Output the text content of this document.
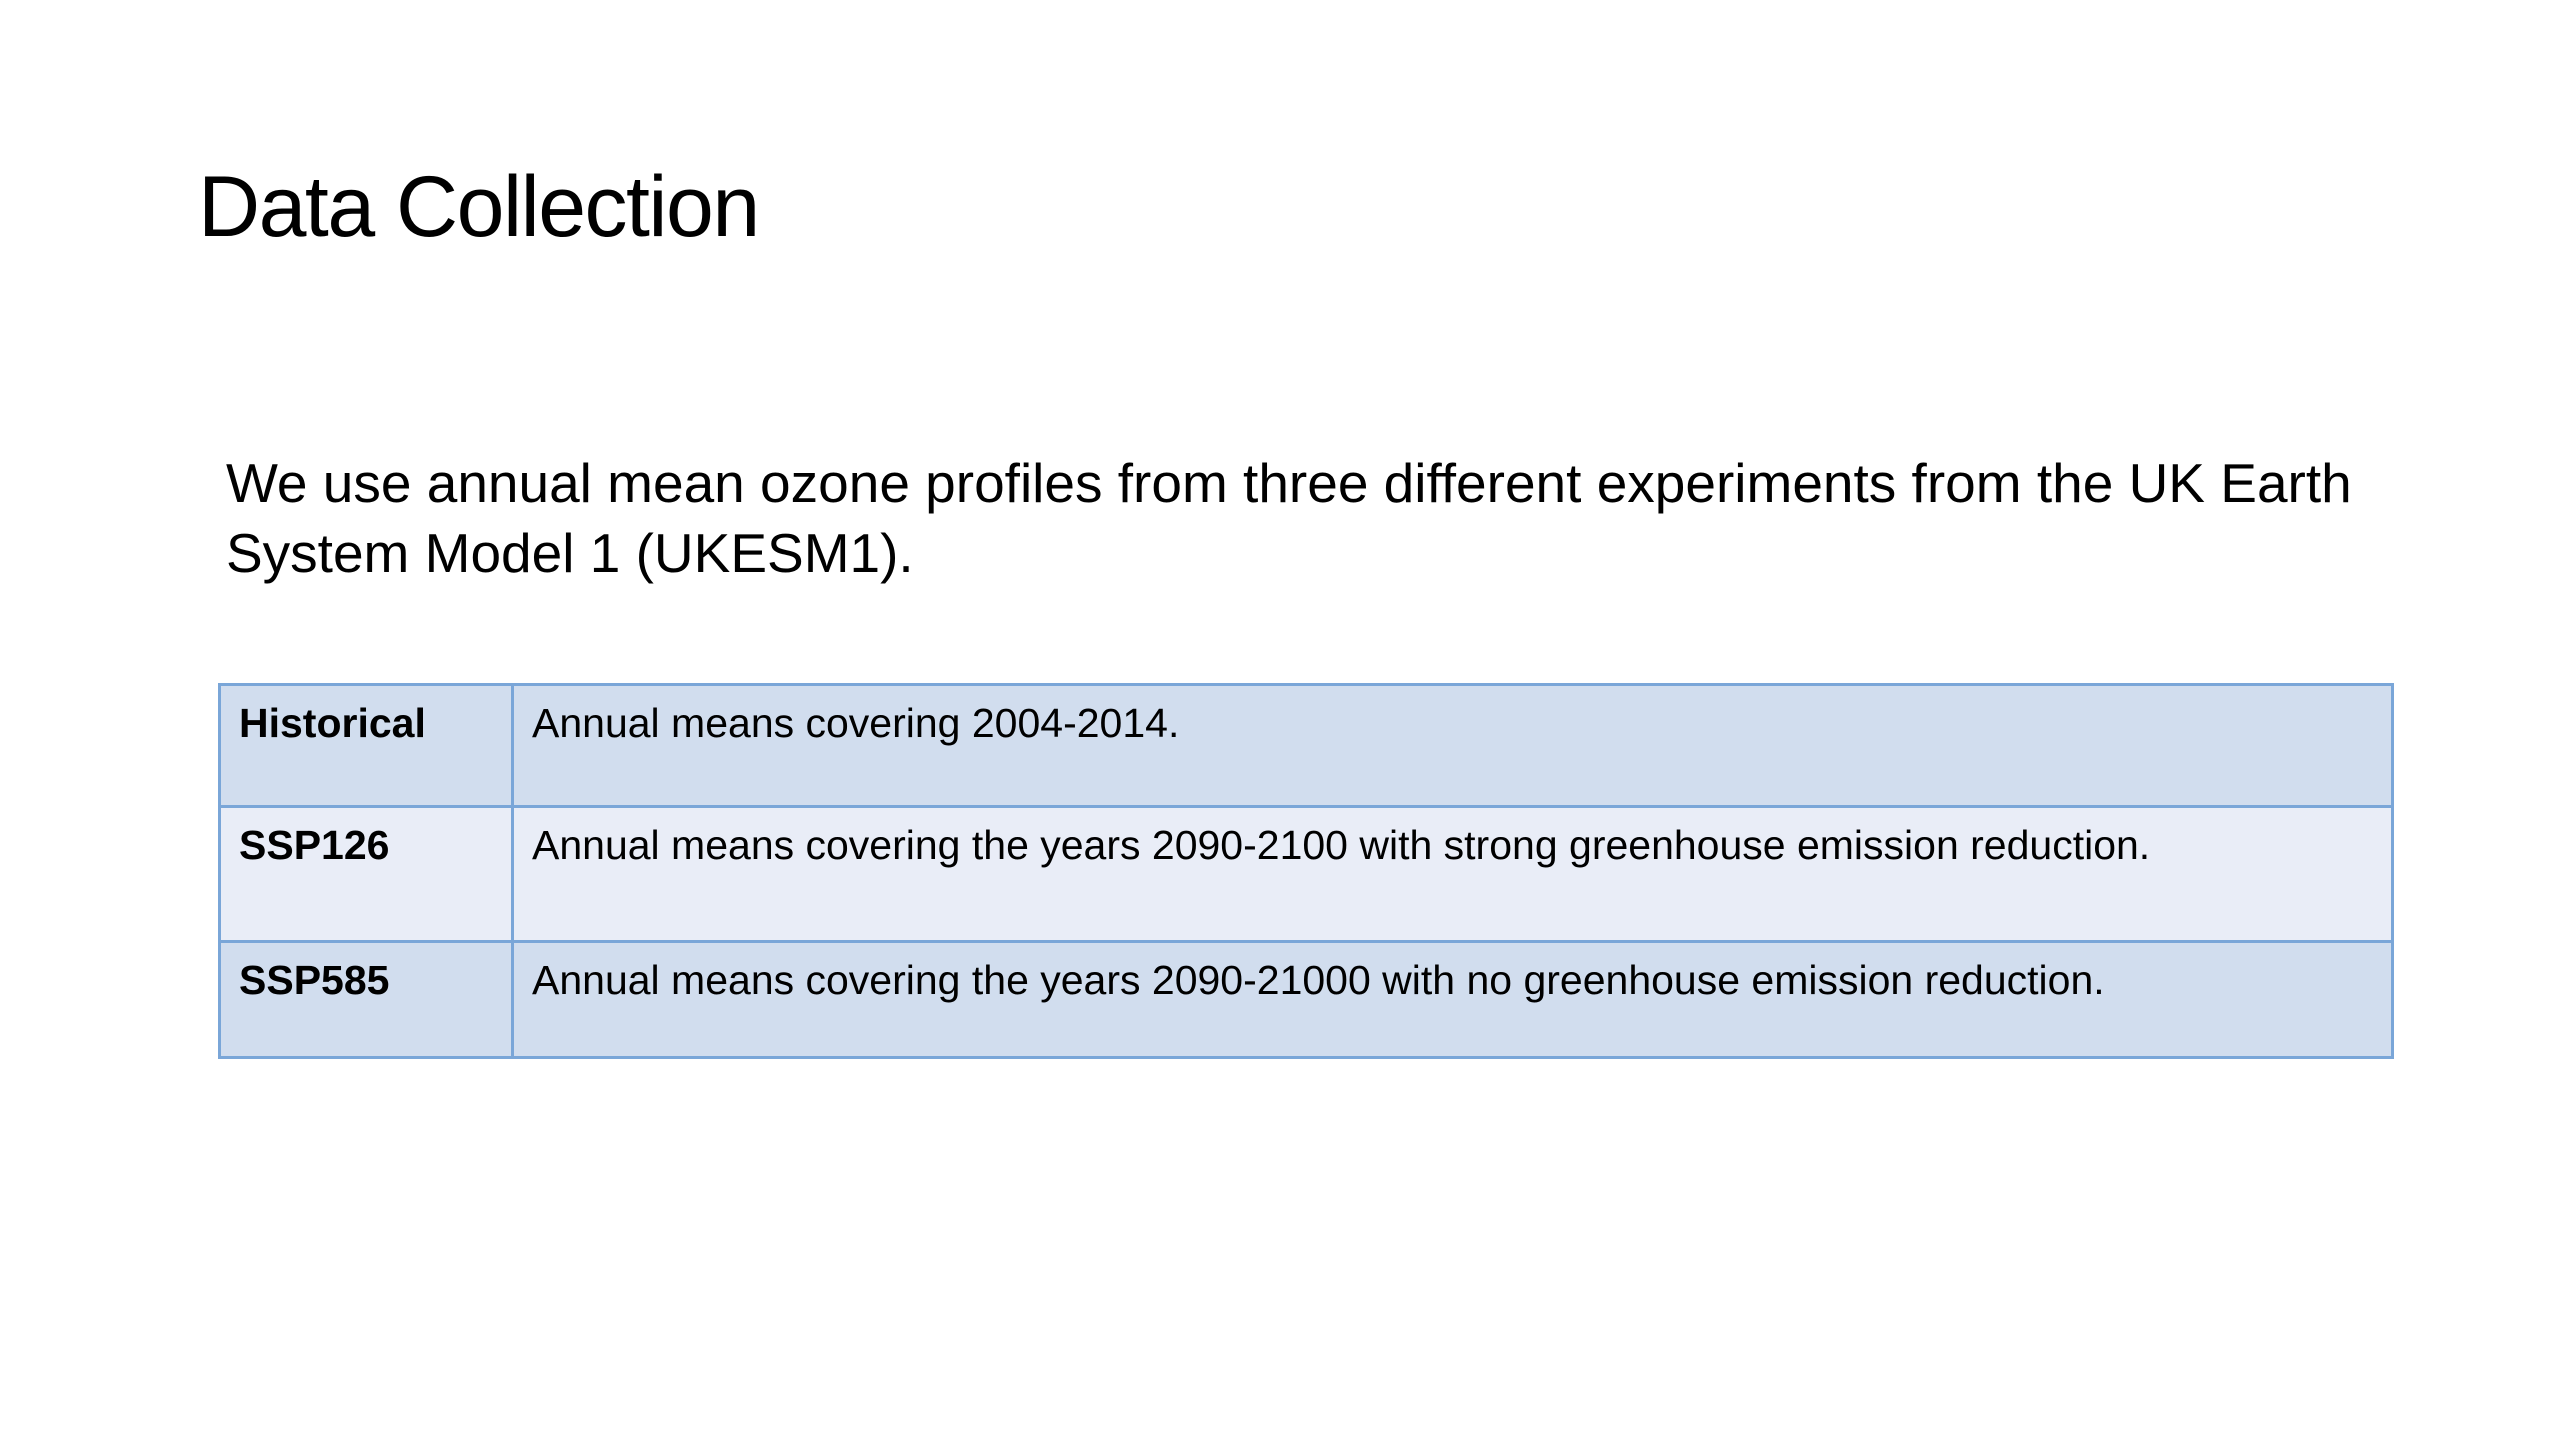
Data Collection

We use annual mean ozone profiles from three different experiments from the UK Earth System Model 1 (UKESM1).

Historical	Annual means covering 2004-2014.
SSP126	Annual means covering the years 2090-2100 with strong greenhouse emission reduction.
SSP585	Annual means covering the years 2090-21000 with no greenhouse emission reduction.
